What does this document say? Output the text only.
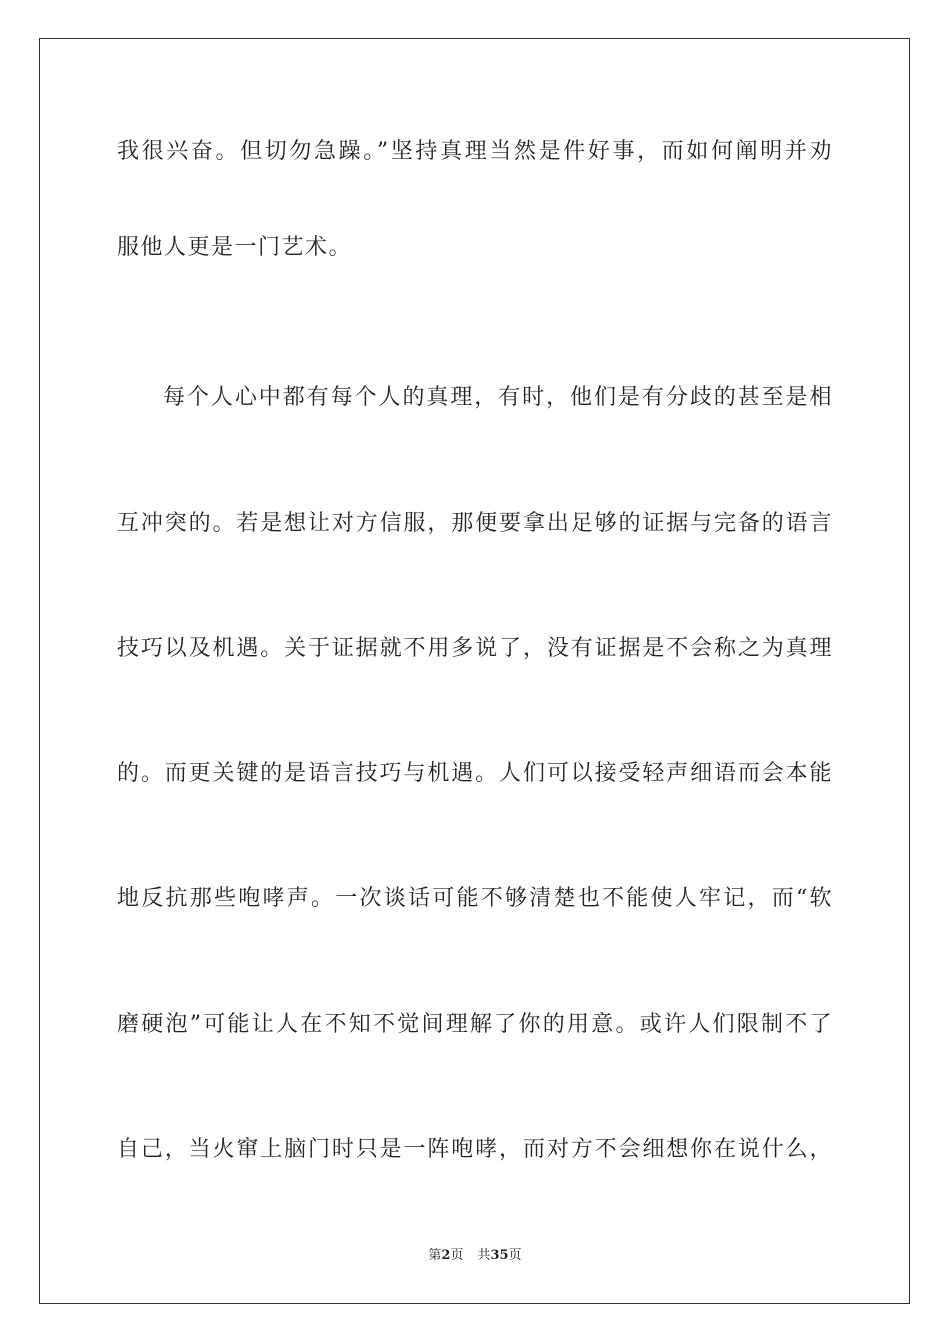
我很兴奋。但切勿急躁。”坚持真理当然是件好事，而如何阐明并劝
服他人更是一门艺术。
每个人心中都有每个人的真理，有时，他们是有分歧的甚至是相
互冲突的。若是想让对方信服，那便要拿出足够的证据与完备的语言
技巧以及机遇。关于证据就不用多说了，没有证据是不会称之为真理
的。而更关键的是语言技巧与机遇。人们可以接受轻声细语而会本能
地反抗那些咆哮声。一次谈话可能不够清楚也不能使人牢记，而“软
磨硬泡”可能让人在不知不觉间理解了你的用意。或许人们限制不了
自己，当火窜上脑门时只是一阵咆哮，而对方不会细想你在说什么，
第2页 共35页
